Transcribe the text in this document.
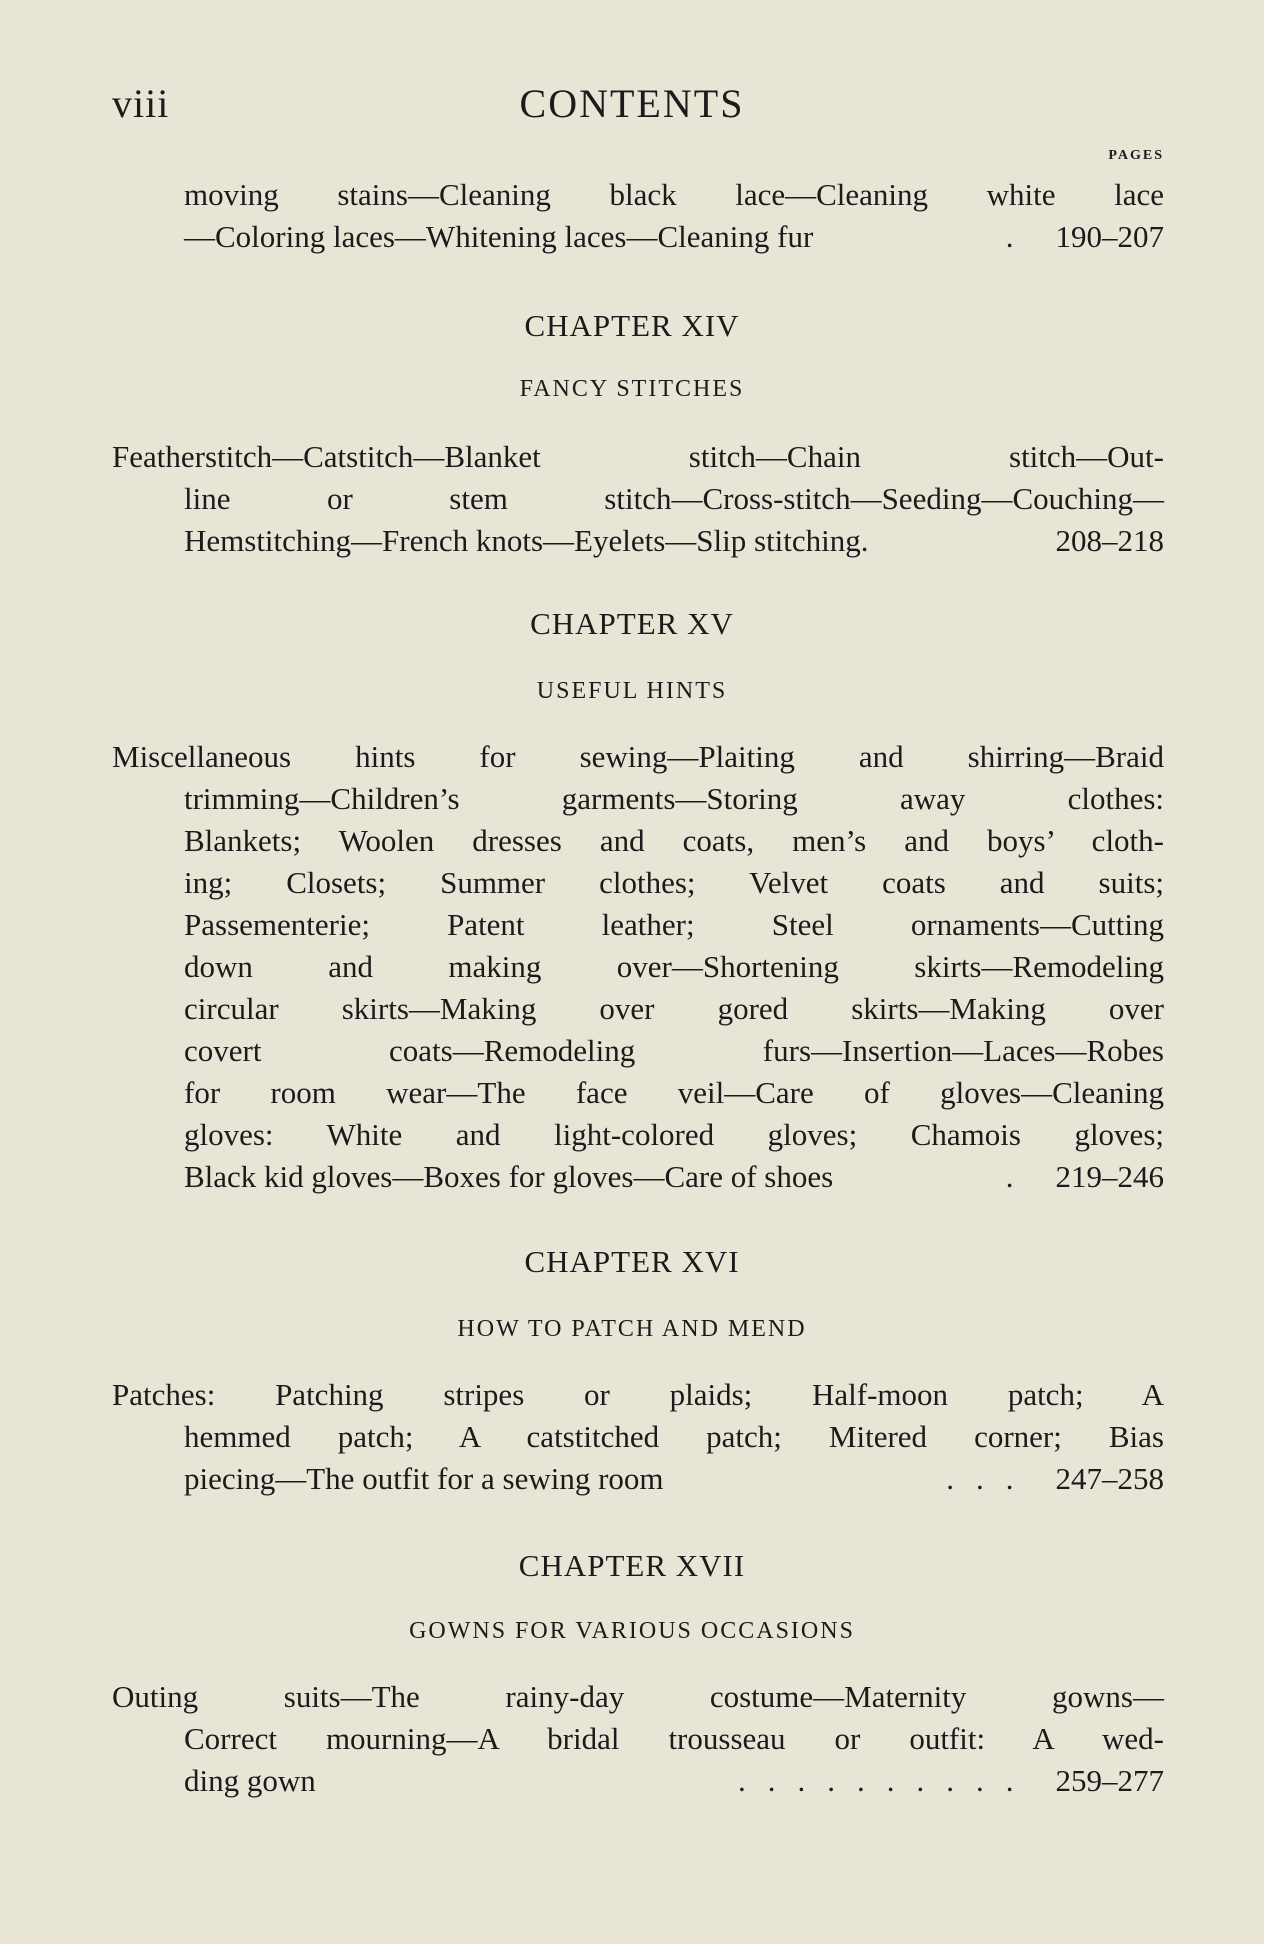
viii	CONTENTS
PAGES
moving stains—Cleaning black lace—Cleaning white lace
—Coloring laces—Whitening laces—Cleaning fur	. 190–207
CHAPTER XIV
FANCY STITCHES
Featherstitch—Catstitch—Blanket stitch—Chain stitch—Out-
line or stem stitch—Cross-stitch—Seeding—Couching—
Hemstitching—French knots—Eyelets—Slip stitching.	208–218
CHAPTER XV
USEFUL HINTS
Miscellaneous hints for sewing—Plaiting and shirring—Braid
trimming—Children’s garments—Storing away clothes:
Blankets; Woolen dresses and coats, men’s and boys’ cloth-
ing; Closets; Summer clothes; Velvet coats and suits;
Passementerie; Patent leather; Steel ornaments—Cutting
down and making over—Shortening skirts—Remodeling
circular skirts—Making over gored skirts—Making over
covert coats—Remodeling furs—Insertion—Laces—Robes
for room wear—The face veil—Care of gloves—Cleaning
gloves: White and light-colored gloves; Chamois gloves;
Black kid gloves—Boxes for gloves—Care of shoes	. 219–246
CHAPTER XVI
HOW TO PATCH AND MEND
Patches: Patching stripes or plaids; Half-moon patch; A
hemmed patch; A catstitched patch; Mitered corner; Bias
piecing—The outfit for a sewing room	... 247–258
CHAPTER XVII
GOWNS FOR VARIOUS OCCASIONS
Outing suits—The rainy-day costume—Maternity gowns—
Correct mourning—A bridal trousseau or outfit: A wed-
ding gown	.......... 259–277
